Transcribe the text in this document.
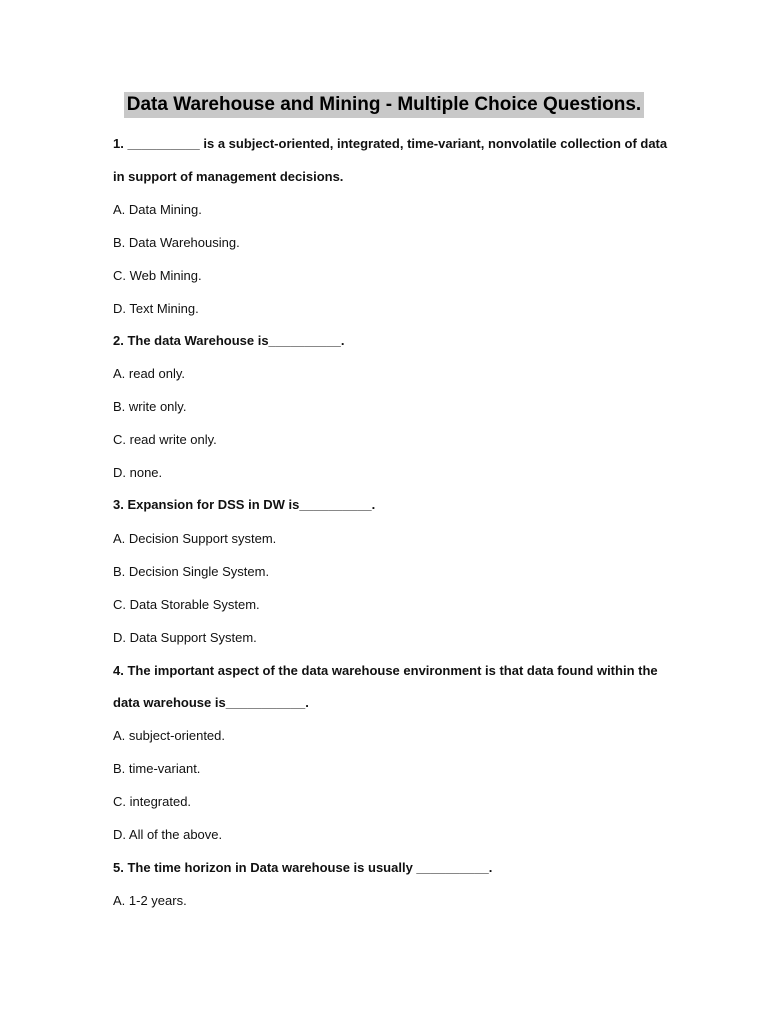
Data Warehouse and Mining - Multiple Choice Questions.
1. __________ is a subject-oriented, integrated, time-variant, nonvolatile collection of data
in support of management decisions.
A. Data Mining.
B. Data Warehousing.
C. Web Mining.
D. Text Mining.
2. The data Warehouse is__________.
A. read only.
B. write only.
C. read write only.
D. none.
3. Expansion for DSS in DW is__________.
A. Decision Support system.
B. Decision Single System.
C. Data Storable System.
D. Data Support System.
4. The important aspect of the data warehouse environment is that data found within the
data warehouse is___________.
A. subject-oriented.
B. time-variant.
C. integrated.
D. All of the above.
5. The time horizon in Data warehouse is usually __________.
A. 1-2 years.
